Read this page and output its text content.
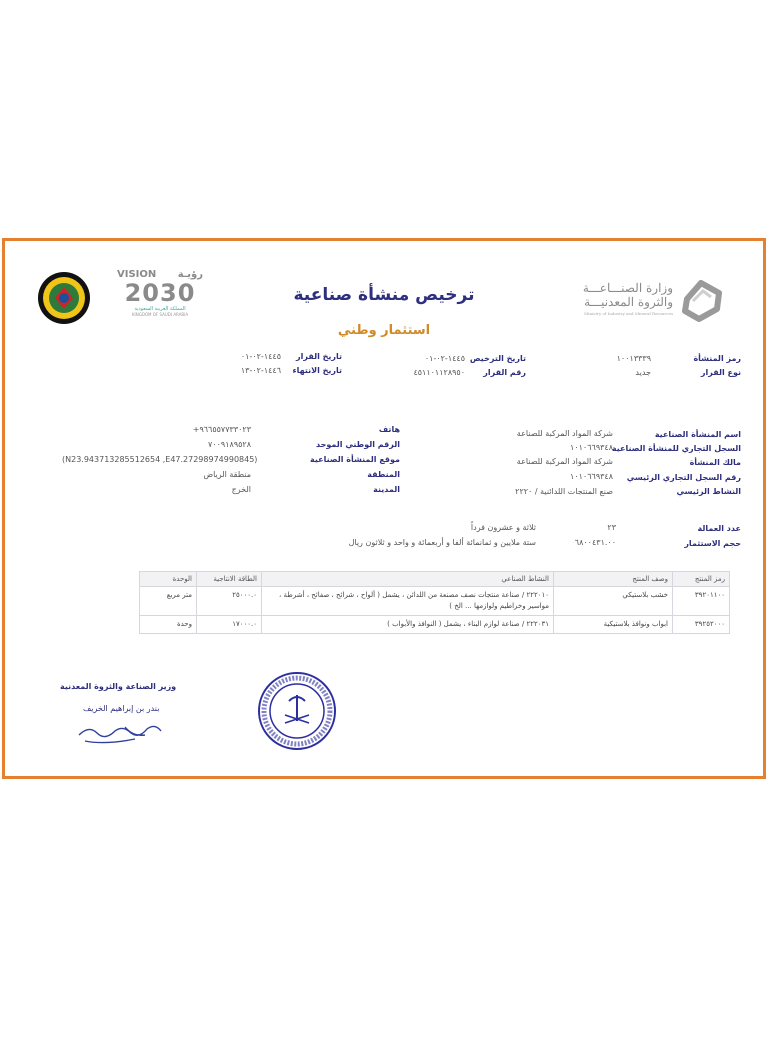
وزارة الصنـــاعـــة
والثروة المعدنيـــة
Ministry of Industry and Mineral Resources
رؤيـة
VISION
2030
المملكة العربية السعودية
KINGDOM OF SAUDI ARABIA
ترخيص منشأة صناعية
استثمار وطني
رمز المنشأة
١٠٠١٣٣٣٩
نوع القرار
جديد
تاريخ الترخيص
١٤٤٥-٠٢-٠١
رقم القرار
٤٥١١٠١١٢٨٩٥٠
تاريخ القرار
١٤٤٥-٠٢-٠١
تاريخ الانتهاء
١٤٤٦-٠٢-١٣
اسم المنشأة الصناعية
شركة المواد المركبة للصناعة
السجل التجاري للمنشأة الصناعية
١٠١٠٦٦٩٣٤٨
مالك المنشأة
شركة المواد المركبة للصناعة
رقم السجل التجاري الرئيسي
١٠١٠٦٦٩٣٤٨
النشاط الرئيسي
صنع المنتجات اللدائنية / ٢٢٢٠
هاتف
+٩٦٦٥٥٧٧٣٣٠٢٣
الرقم الوطني الموحد
٧٠٠٩١٨٩٥٢٨
موقع المنشأة الصناعية
(N23.943713285512654 ,E47.27298974990845)
المنطقة
منطقة الرياض
المدينة
الخرج
عدد العمالة
٢٣
ثلاثة و عشرون فرداً
حجم الاستثمار
٦٨٠٠٤٣١.٠٠
ستة ملايين و ثمانمائة ألفا و أربعمائة و واحد و ثلاثون ريال
رمز المنتج	وصف المنتج	النشاط الصناعي	الطاقة الانتاجية	الوحدة
٣٩٢٠١١٠٠	خشب بلاستيكي	٢٢٢٠١٠ / صناعة منتجات نصف مصنعة من اللدائن ، يشمل ( ألواح ، شرائح ، صفائح ، أشرطة ، مواسير وخراطيم ولوازمها ... الخ )	٢٥٠٠٠.٠	متر مربع
٣٩٢٥٢٠٠٠	ابواب ونوافذ بلاستيكية	٢٢٢٠٣١ / صناعة لوازم البناء ، يشمل ( النوافذ والأبواب )	١٧٠٠٠.٠	وحدة
وزير الصناعة والثروة المعدنية
بندر بن إبراهيم الخريف
